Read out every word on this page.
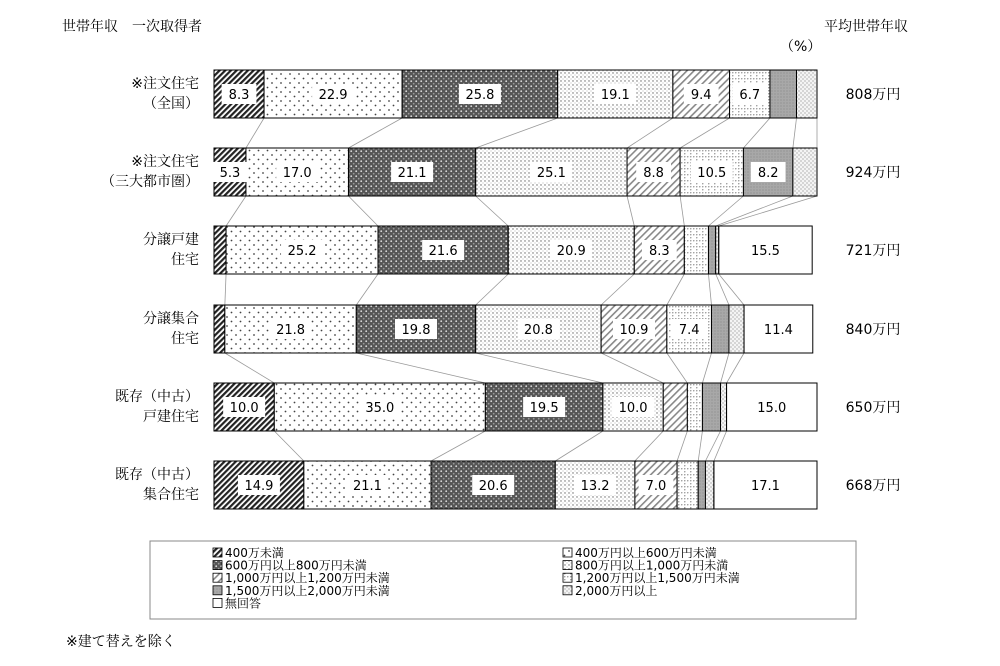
世帯年収　一次取得者	平均世帯年収
（%）
※建て替えを除く
8.3	22.9	25.8	19.1	9.4 6.7
※注文住宅
（全国）
808万円
5.3	17.0	21.1	25.1	8.8	10.5 8.2
※注文住宅
（三大都市圏）
924万円
25.2	21.6	20.9	8.3	15.5
分譲戸建
住宅
721万円
21.8	19.8	20.8	10.9 7.4	11.4
分譲集合
住宅
840万円
10.0	35.0	19.5	10.0	15.0
既存（中古）
戸建住宅
650万円
14.9	21.1	20.6	13.2	7.0	17.1
既存（中古）
集合住宅
668万円
400万未満	400万円以上600万円未満
600万円以上800万円未満	800万円以上1,000万円未満
1,000万円以上1,200万円未満	1,200万円以上1,500万円未満
1,500万円以上2,000万円未満	2,000万円以上
無回答
